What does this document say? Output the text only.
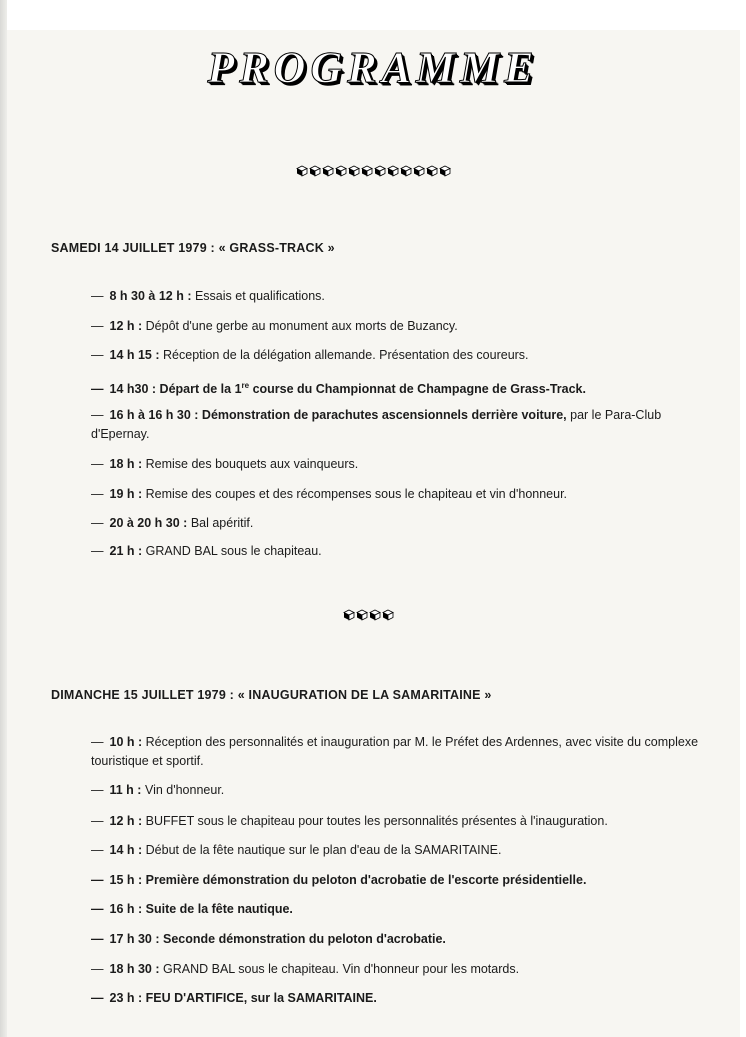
PROGRAMME
SAMEDI 14 JUILLET 1979 : « GRASS-TRACK »
— 8 h 30 à 12 h : Essais et qualifications.
— 12 h : Dépôt d'une gerbe au monument aux morts de Buzancy.
— 14 h 15 : Réception de la délégation allemande. Présentation des coureurs.
— 14 h30 : Départ de la 1re course du Championnat de Champagne de Grass-Track.
— 16 h à 16 h 30 : Démonstration de parachutes ascensionnels derrière voiture, par le Para-Club d'Epernay.
— 18 h : Remise des bouquets aux vainqueurs.
— 19 h : Remise des coupes et des récompenses sous le chapiteau et vin d'honneur.
— 20 à 20 h 30 : Bal apéritif.
— 21 h : GRAND BAL sous le chapiteau.
DIMANCHE 15 JUILLET 1979 : « INAUGURATION DE LA SAMARITAINE »
— 10 h : Réception des personnalités et inauguration par M. le Préfet des Ardennes, avec visite du complexe touristique et sportif.
— 11 h : Vin d'honneur.
— 12 h : BUFFET sous le chapiteau pour toutes les personnalités présentes à l'inauguration.
— 14 h : Début de la fête nautique sur le plan d'eau de la SAMARITAINE.
— 15 h : Première démonstration du peloton d'acrobatie de l'escorte présidentielle.
— 16 h : Suite de la fête nautique.
— 17 h 30 : Seconde démonstration du peloton d'acrobatie.
— 18 h 30 : GRAND BAL sous le chapiteau. Vin d'honneur pour les motards.
— 23 h : FEU D'ARTIFICE, sur la SAMARITAINE.
